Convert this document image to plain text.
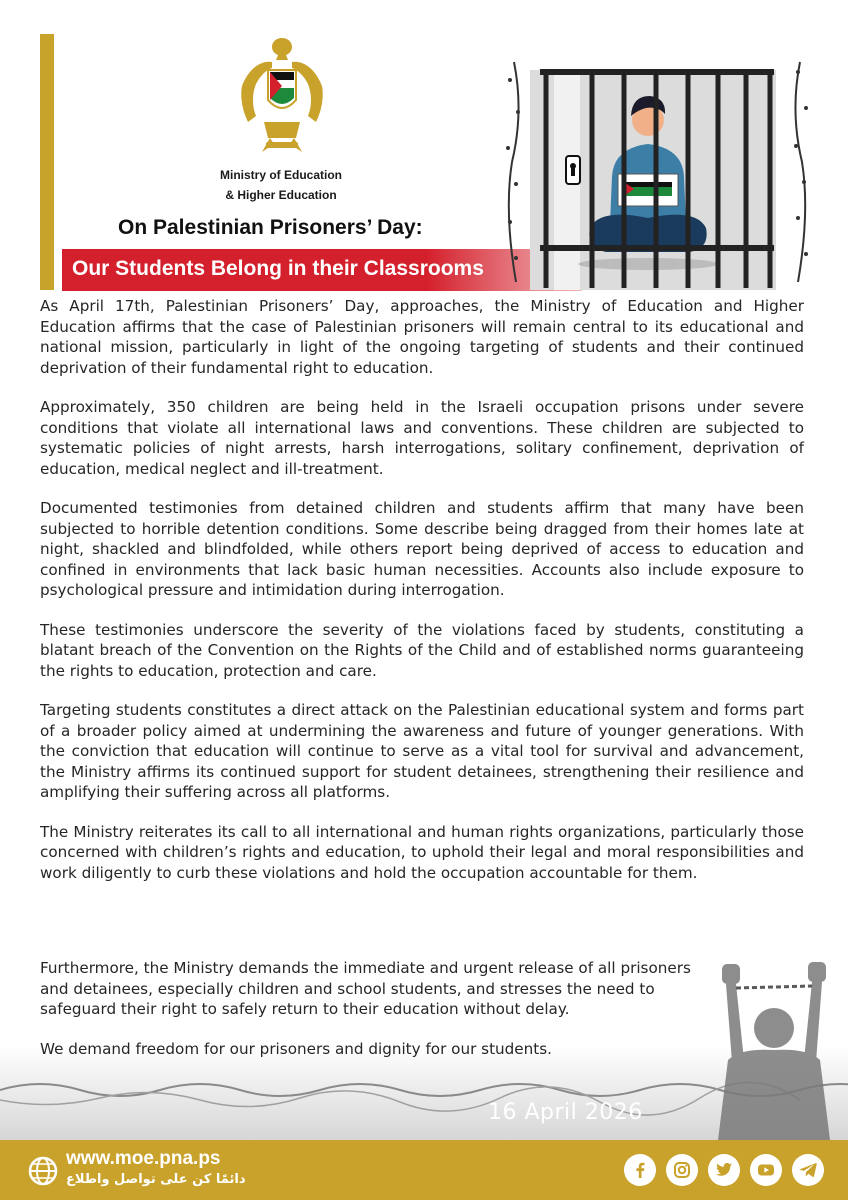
Ministry of Education
& Higher Education
On Palestinian Prisoners’ Day:
Our Students Belong in their Classrooms

As April 17th, Palestinian Prisoners’ Day, approaches, the Ministry of Education and Higher Education affirms that the case of Palestinian prisoners will remain central to its educational and national mission, particularly in light of the ongoing targeting of students and their continued deprivation of their fundamental right to education.

Approximately, 350 children are being held in the Israeli occupation prisons under severe conditions that violate all international laws and conventions. These children are subjected to systematic policies of night arrests, harsh interrogations, solitary confinement, deprivation of education, medical neglect and ill-treatment.

Documented testimonies from detained children and students affirm that many have been subjected to horrible detention conditions. Some describe being dragged from their homes late at night, shackled and blindfolded, while others report being deprived of access to education and confined in environments that lack basic human necessities. Accounts also include exposure to psychological pressure and intimidation during interrogation.

These testimonies underscore the severity of the violations faced by students, constituting a blatant breach of the Convention on the Rights of the Child and of established norms guaranteeing the rights to education, protection and care.

Targeting students constitutes a direct attack on the Palestinian educational system and forms part of a broader policy aimed at undermining the awareness and future of younger generations. With the conviction that education will continue to serve as a vital tool for survival and advancement, the Ministry affirms its continued support for student detainees, strengthening their resilience and amplifying their suffering across all platforms.

The Ministry reiterates its call to all international and human rights organizations, particularly those concerned with children’s rights and education, to uphold their legal and moral responsibilities and work diligently to curb these violations and hold the occupation accountable for them.

Furthermore, the Ministry demands the immediate and urgent release of all prisoners and detainees, especially children and school students, and stresses the need to safeguard their right to safely return to their education without delay.

We demand freedom for our prisoners and dignity for our students.

16 April 2026
www.moe.pna.ps
دائمًا كن على تواصل واطلاع
